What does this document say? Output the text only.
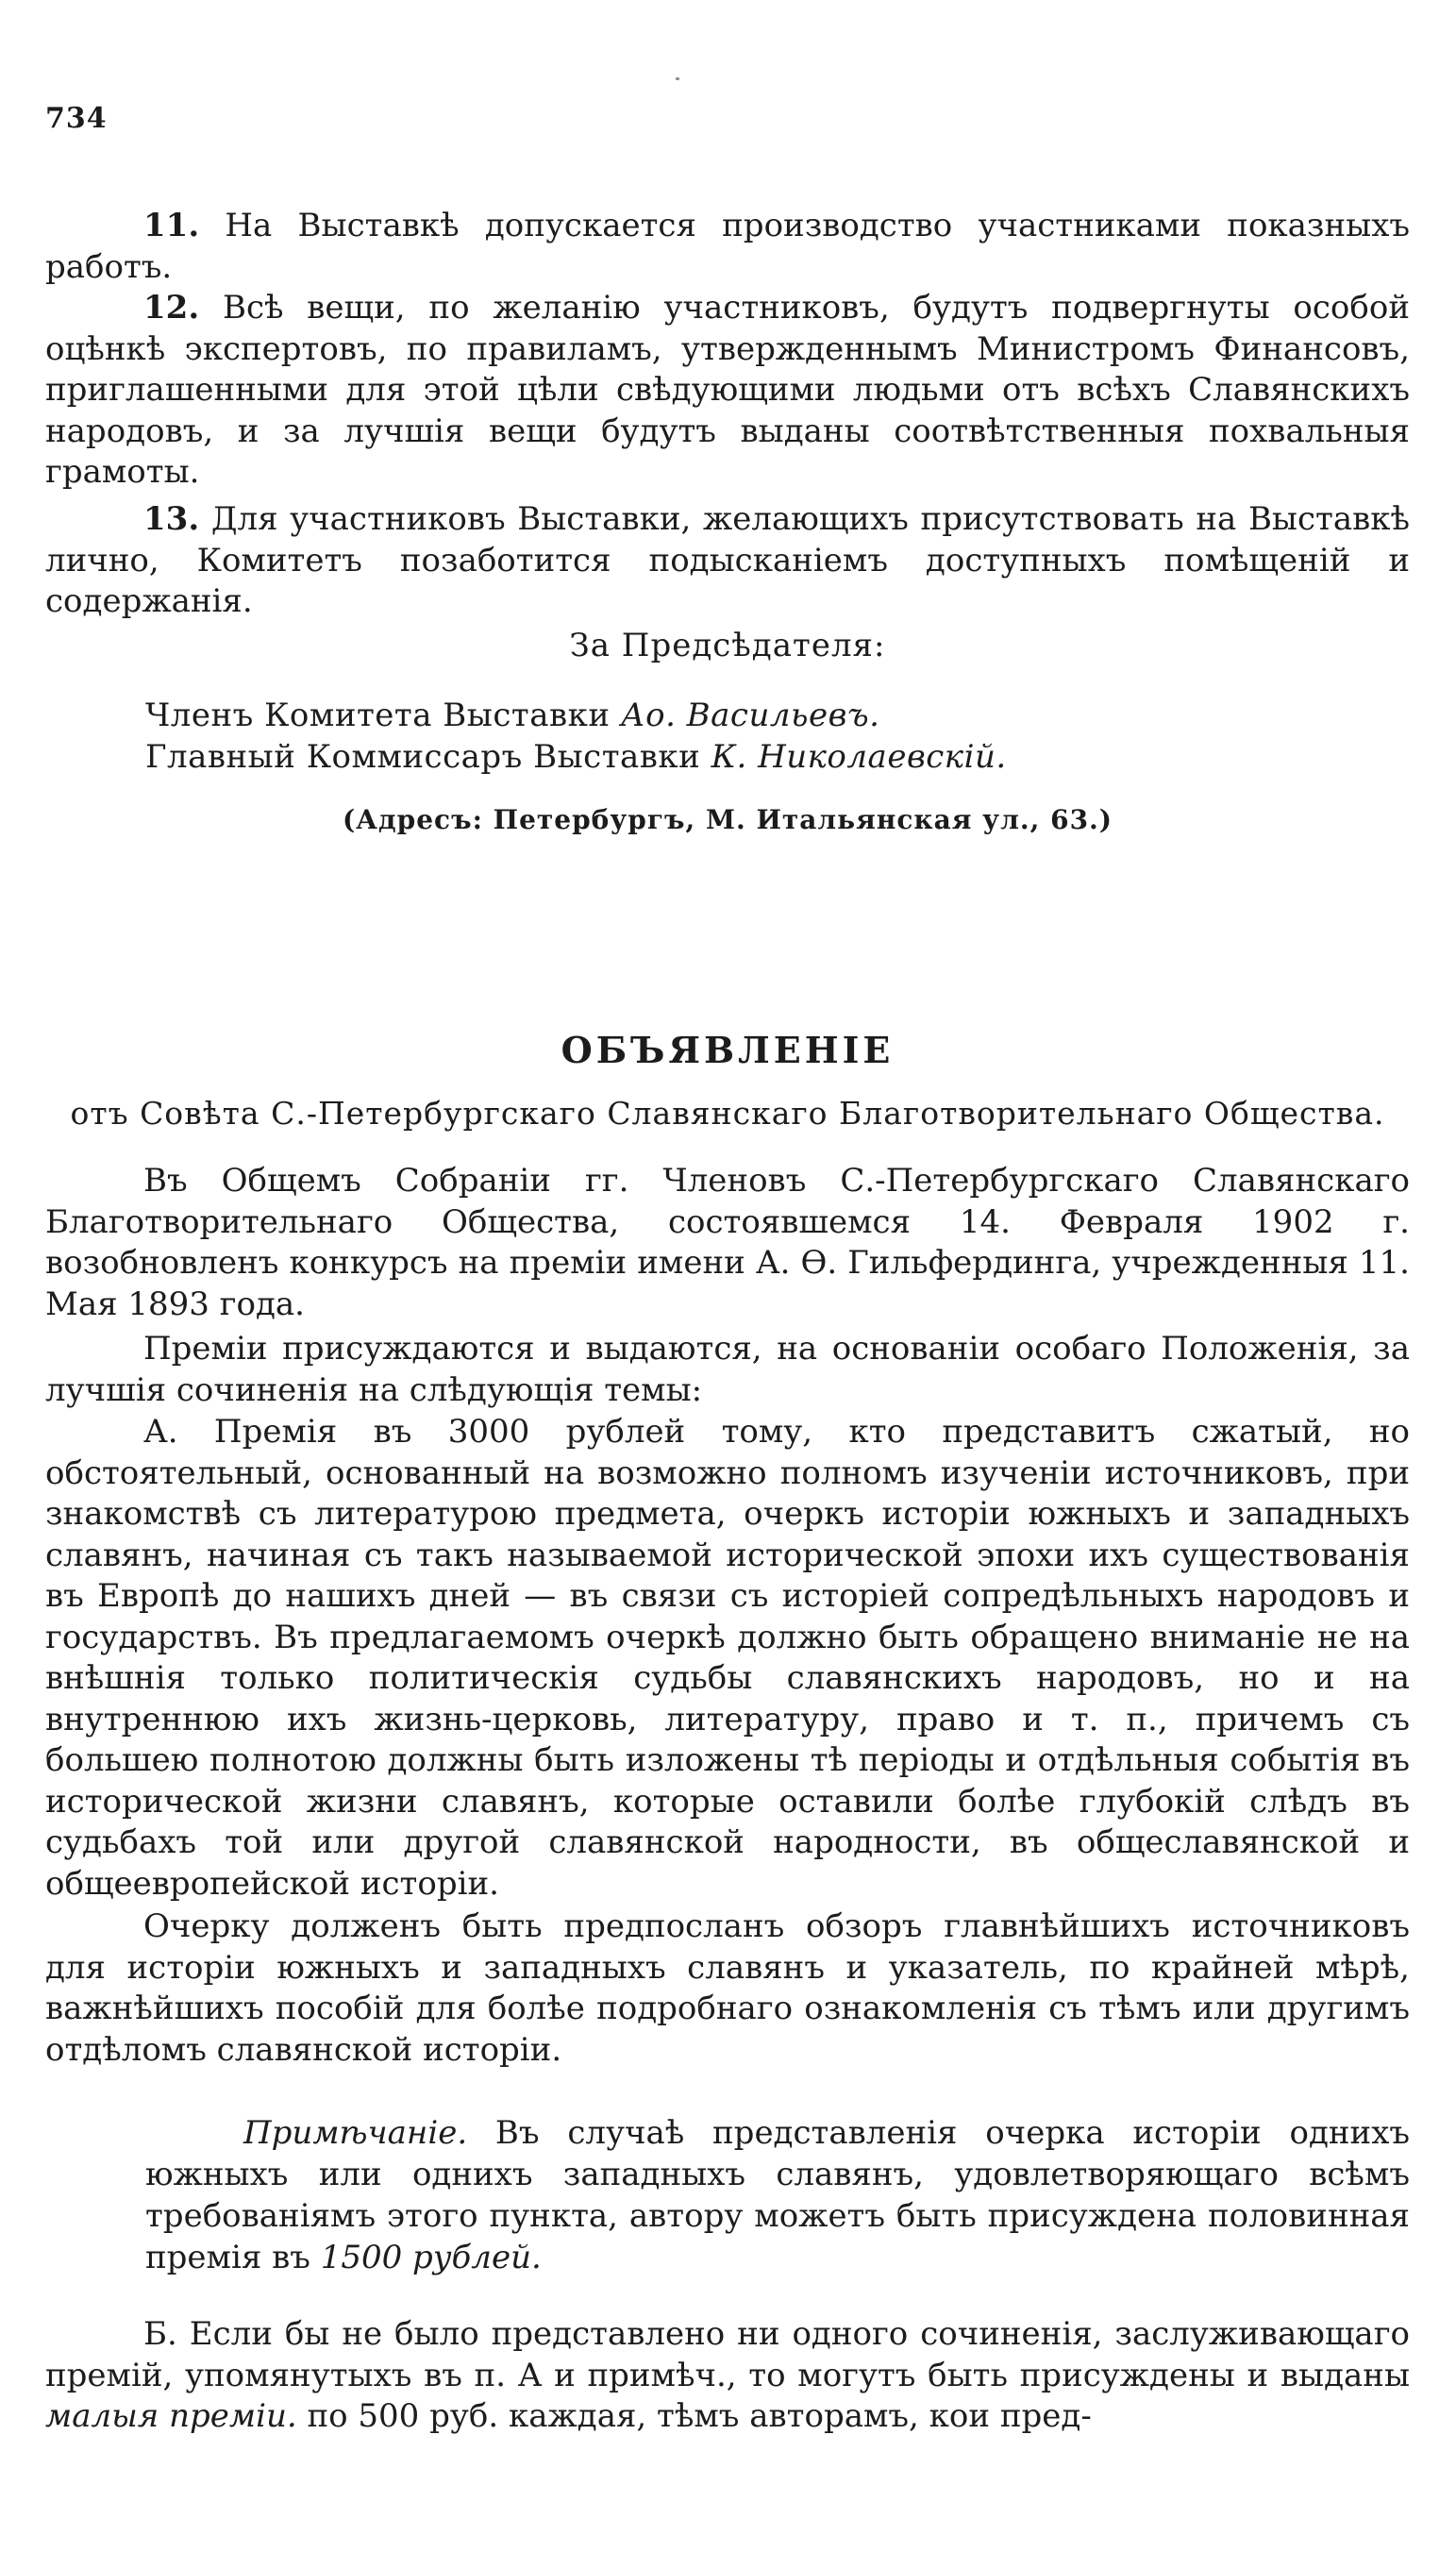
734

11. На Выставкѣ допускается производство участниками показныхъ работъ.

12. Всѣ вещи, по желанію участниковъ, будутъ подвергнуты особой оцѣнкѣ экспертовъ, по правиламъ, утвержденнымъ Министромъ Финансовъ, приглашенными для этой цѣли свѣдующими людьми отъ всѣхъ Славянскихъ народовъ, и за лучшія вещи будутъ выданы соотвѣтственныя похвальныя грамоты.

13. Для участниковъ Выставки, желающихъ присутствовать на Выставкѣ лично, Комитетъ позаботится подысканіемъ доступныхъ помѣщеній и содержанія.

За Предсѣдателя:

Членъ Комитета Выставки Ао. Васильевъ.

Главный Коммиссаръ Выставки К. Николаевскій.

(Адресъ: Петербургъ, М. Итальянская ул., 63.)
ОБЪЯВЛЕНІЕ
отъ Совѣта С.-Петербургскаго Славянскаго Благотворительнаго Общества.

Въ Общемъ Собраніи гг. Членовъ С.-Петербургскаго Славянскаго Благотворительнаго Общества, состоявшемся 14. Февраля 1902 г. возобновленъ конкурсъ на преміи имени А. Ѳ. Гильфердинга, учрежденныя 11. Мая 1893 года.

Преміи присуждаются и выдаются, на основаніи особаго Положенія, за лучшія сочиненія на слѣдующія темы:

А. Премія въ 3000 рублей тому, кто представитъ сжатый, но обстоятельный, основанный на возможно полномъ изученіи источниковъ, при знакомствѣ съ литературою предмета, очеркъ исторіи южныхъ и западныхъ славянъ, начиная съ такъ называемой исторической эпохи ихъ существованія въ Европѣ до нашихъ дней — въ связи съ исторіей сопредѣльныхъ народовъ и государствъ. Въ предлагаемомъ очеркѣ должно быть обращено вниманіе не на внѣшнія только политическія судьбы славянскихъ народовъ, но и на внутреннюю ихъ жизнь-церковь, литературу, право и т. п., причемъ съ большею полнотою должны быть изложены тѣ періоды и отдѣльныя событія въ исторической жизни славянъ, которые оставили болѣе глубокій слѣдъ въ судьбахъ той или другой славянской народности, въ общеславянской и общеевропейской исторіи.

Очерку долженъ быть предпосланъ обзоръ главнѣйшихъ источниковъ для исторіи южныхъ и западныхъ славянъ и указатель, по крайней мѣрѣ, важнѣйшихъ пособій для болѣе подробнаго ознакомленія съ тѣмъ или другимъ отдѣломъ славянской исторіи.

Примѣчаніе. Въ случаѣ представленія очерка исторіи однихъ южныхъ или однихъ западныхъ славянъ, удовлетворяющаго всѣмъ требованіямъ этого пункта, автору можетъ быть присуждена половинная премія въ 1500 рублей.

Б. Если бы не было представлено ни одного сочиненія, заслуживающаго премій, упомянутыхъ въ п. А и примѣч., то могутъ быть присуждены и выданы малыя преміи. по 500 руб. каждая, тѣмъ авторамъ, кои пред-
